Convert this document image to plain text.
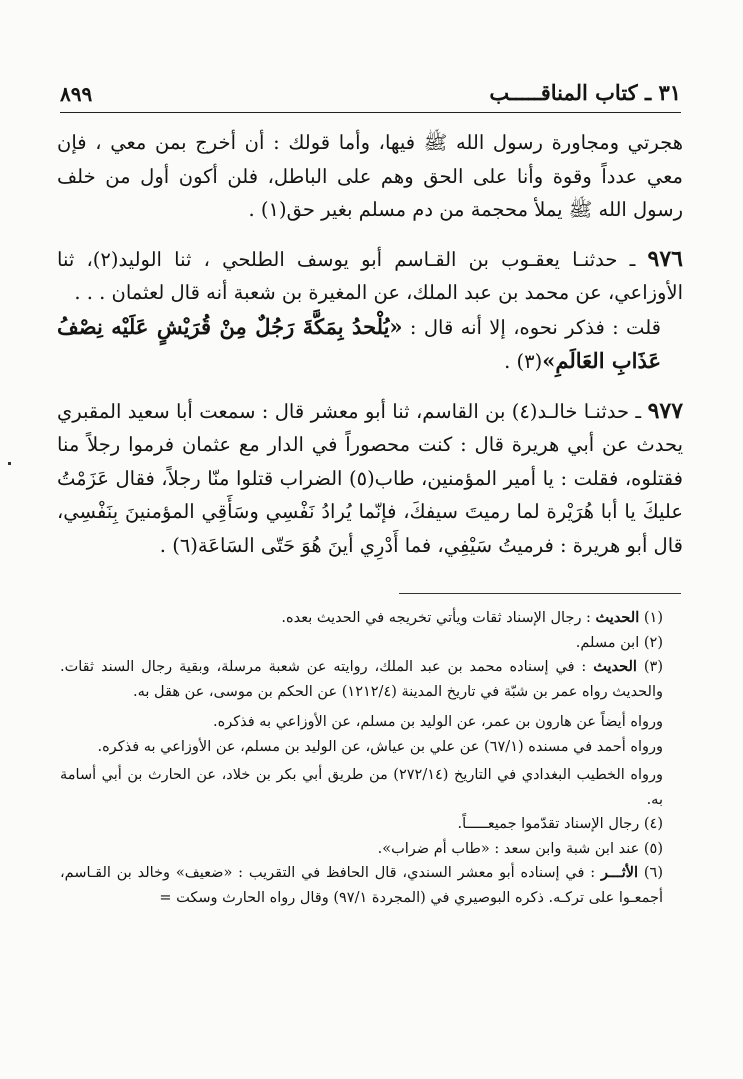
٨٩٩	٣١ ـ كتاب المناقـــــب

هجرتي ومجاورة رسول الله ﷺ فيها، وأما قولك : أن أخرج بمن معي ، فإن معي عدداً وقوة وأنا على الحق وهم على الباطل، فلن أكون أول من خلف رسول الله ﷺ يملأ محجمة من دم مسلم بغير حق(١) .

٩٧٦ ـ حدثنـا يعقـوب بن القـاسم أبو يوسف الطلحي ، ثنا الوليد(٢)، ثنا الأوزاعي، عن محمد بن عبد الملك، عن المغيرة بن شعبة أنه قال لعثمان . . .

قلت : فذكر نحوه، إلا أنه قال : «يُلْحدُ بِمَكَّةَ رَجُلٌ مِنْ قُرَيْشٍ عَلَيْه نِصْفُ عَذَابِ العَالَمِ»(٣) .

٩٧٧ ـ حدثنـا خالـد(٤) بن القاسم، ثنا أبو معشر قال : سمعت أبا سعيد المقبري يحدث عن أبي هريرة قال : كنت محصوراً في الدار مع عثمان فرموا رجلاً منا فقتلوه، فقلت : يا أمير المؤمنين، طاب(٥) الضراب قتلوا منّا رجلاً، فقال عَزَمْتُ عليكَ يا أبا هُرَيْرة لما رميتَ سيفكَ، فإنّما يُرادُ نَفْسِي وسَأَقِي المؤمنينَ بِنَفْسِي، قال أبو هريرة : فرميتُ سَيْفِي، فما أَدْرِي أينَ هُوَ حَتّى السَاعَة(٦) .

(١) الحديث : رجال الإسناد ثقات ويأتي تخريجه في الحديث بعده.

(٢) ابن مسلم.

(٣) الحديث : في إسناده محمد بن عبد الملك، روايته عن شعبة مرسلة، وبقية رجال السند ثقات. والحديث رواه عمر بن شبّة في تاريخ المدينة (١٢١٢/٤) عن الحكم بن موسى، عن هقل به.

ورواه أيضاً عن هارون بن عمر، عن الوليد بن مسلم، عن الأوزاعي به فذكره.

ورواه أحمد في مسنده (٦٧/١) عن علي بن عياش، عن الوليد بن مسلم، عن الأوزاعي به فذكره.

ورواه الخطيب البغدادي في التاريخ (٢٧٢/١٤) من طريق أبي بكر بن خلاد، عن الحارث بن أبي أسامة به.

(٤) رجال الإسناد تقدّموا جميعـــــاً.

(٥) عند ابن شبة وابن سعد : «طاب أم ضراب».

(٦) الأثـــر : في إسناده أبو معشر السندي، قال الحافظ في التقريب : «ضعيف» وخالد بن القـاسم، أجمعـوا على تركـه. ذكره البوصيري في (المجردة ٩٧/١) وقال رواه الحارث وسكت =
